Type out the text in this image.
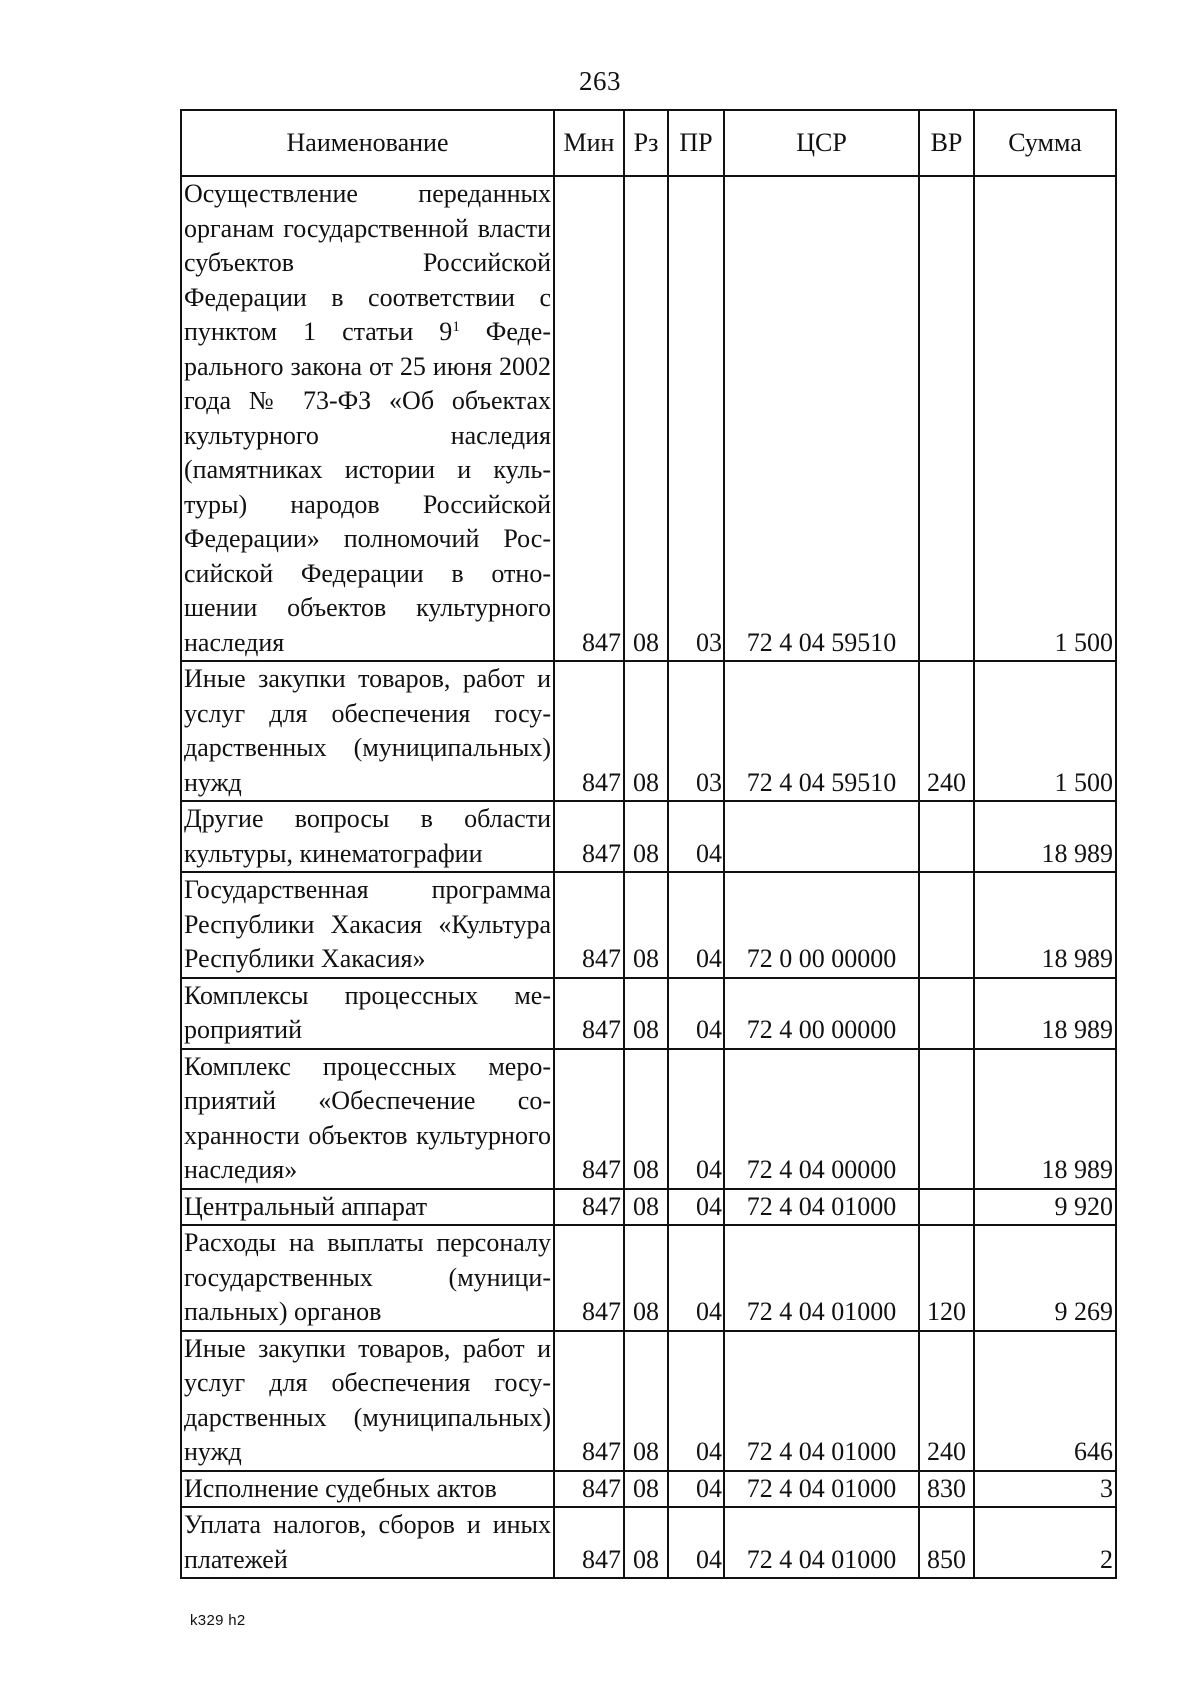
263
Наименование	Мин	Рз	ПР	ЦСР	ВР	Сумма
Осуществление переданных органам государственной власти субъектов Российской Федерации в соответствии с пунктом 1 статьи $9^1$ Федерального закона от 25 июня 2002 года № 73-ФЗ «Об объектах культурного наследия (памятниках истории и культуры) народов Российской Федерации» полномочий Российской Федерации в отношении объектов культурного наследия	847	08	03	72 4 04 59510		1 500
Иные закупки товаров, работ и услуг для обеспечения государственных (муниципальных) нужд	847	08	03	72 4 04 59510	240	1 500
Другие вопросы в области культуры, кинематографии	847	08	04			18 989
Государственная программа Республики Хакасия «Культура Республики Хакасия»	847	08	04	72 0 00 00000		18 989
Комплексы процессных мероприятий	847	08	04	72 4 00 00000		18 989
Комплекс процессных мероприятий «Обеспечение сохранности объектов культурного наследия»	847	08	04	72 4 04 00000		18 989
Центральный аппарат	847	08	04	72 4 04 01000		9 920
Расходы на выплаты персоналу государственных (муниципальных) органов	847	08	04	72 4 04 01000	120	9 269
Иные закупки товаров, работ и услуг для обеспечения государственных (муниципальных) нужд	847	08	04	72 4 04 01000	240	646
Исполнение судебных актов	847	08	04	72 4 04 01000	830	3
Уплата налогов, сборов и иных платежей	847	08	04	72 4 04 01000	850	2
k329 h2
